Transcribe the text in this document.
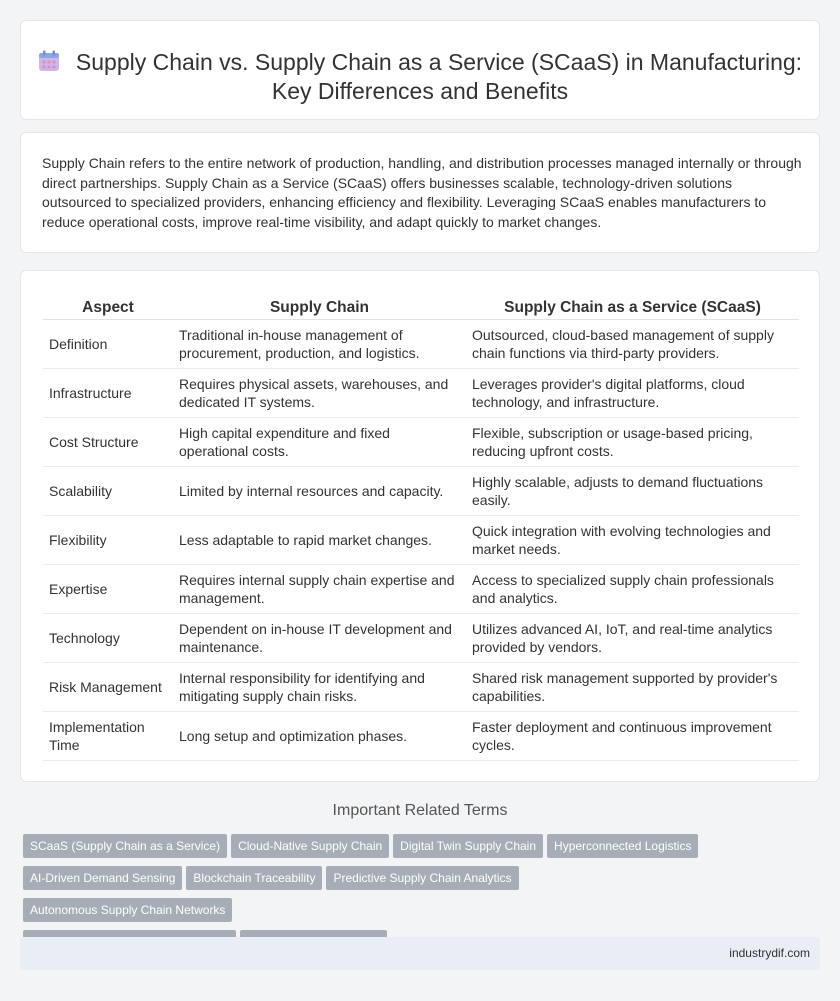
Supply Chain vs. Supply Chain as a Service (SCaaS) in Manufacturing: Key Differences and Benefits

Supply Chain refers to the entire network of production, handling, and distribution processes managed internally or through direct partnerships. Supply Chain as a Service (SCaaS) offers businesses scalable, technology-driven solutions outsourced to specialized providers, enhancing efficiency and flexibility. Leveraging SCaaS enables manufacturers to reduce operational costs, improve real-time visibility, and adapt quickly to market changes.

Aspect	Supply Chain	Supply Chain as a Service (SCaaS)
Definition	Traditional in-house management of procurement, production, and logistics.	Outsourced, cloud-based management of supply chain functions via third-party providers.
Infrastructure	Requires physical assets, warehouses, and dedicated IT systems.	Leverages provider's digital platforms, cloud technology, and infrastructure.
Cost Structure	High capital expenditure and fixed operational costs.	Flexible, subscription or usage-based pricing, reducing upfront costs.
Scalability	Limited by internal resources and capacity.	Highly scalable, adjusts to demand fluctuations easily.
Flexibility	Less adaptable to rapid market changes.	Quick integration with evolving technologies and market needs.
Expertise	Requires internal supply chain expertise and management.	Access to specialized supply chain professionals and analytics.
Technology	Dependent on in-house IT development and maintenance.	Utilizes advanced AI, IoT, and real-time analytics provided by vendors.
Risk Management	Internal responsibility for identifying and mitigating supply chain risks.	Shared risk management supported by provider's capabilities.
Implementation Time	Long setup and optimization phases.	Faster deployment and continuous improvement cycles.
Important Related Terms
SCaaS (Supply Chain as a Service) Cloud-Native Supply Chain Digital Twin Supply Chain Hyperconnected Logistics
AI-Driven Demand Sensing Blockchain Traceability Predictive Supply Chain AnalyticsAutonomous Supply Chain Networks

industrydif.com
